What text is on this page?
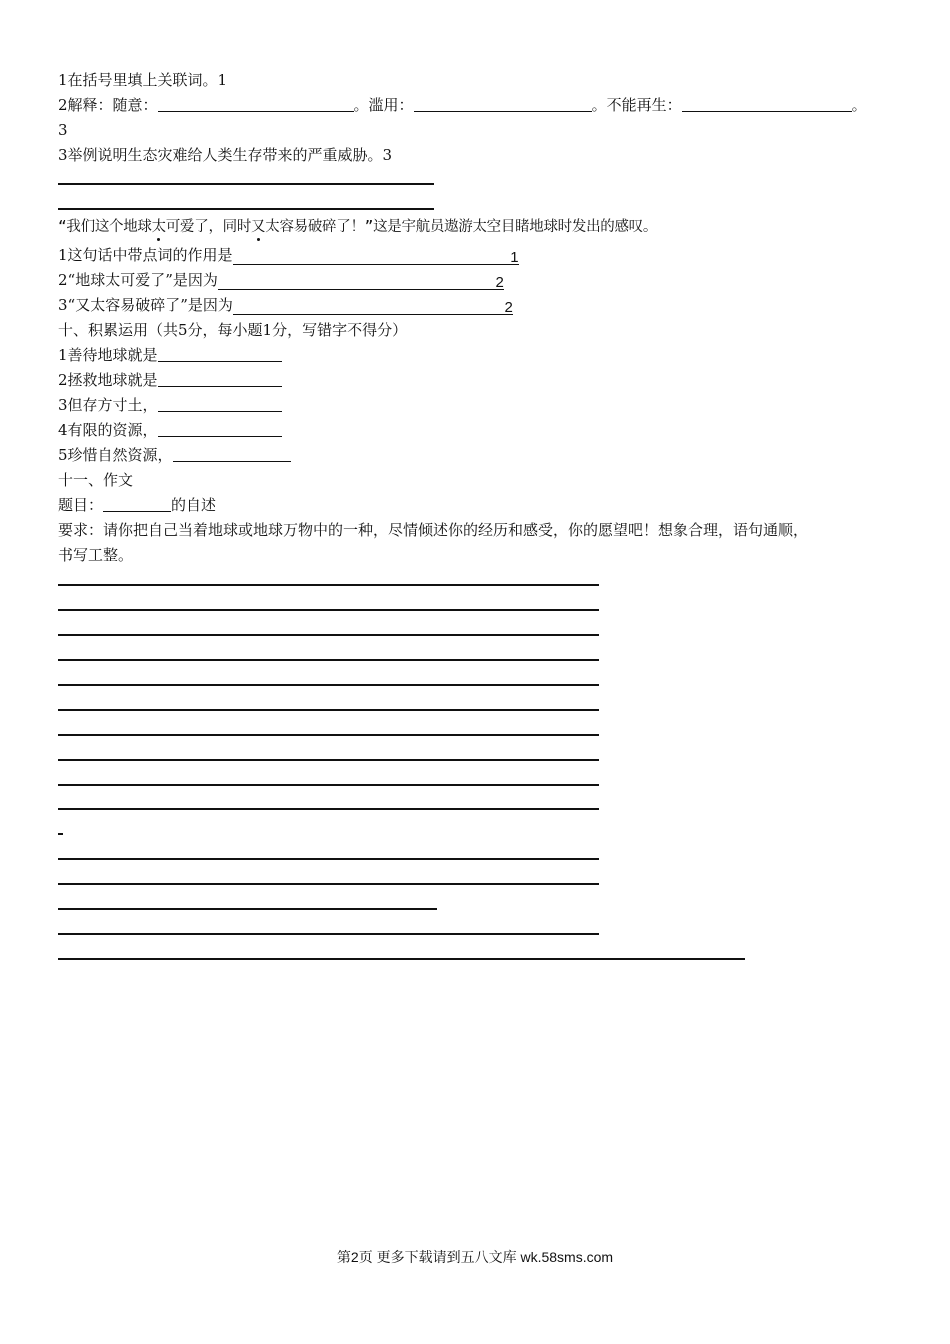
1在括号里填上关联词。1
2解释：随意：	。滥用：	。不能再生：	。
3
3举例说明生态灾难给人类生存带来的严重威胁。3
“我们这个地球太
可爱了，同时又
太容易破碎了！”这是宇航员遨游太空目睹地球时发出的感叹。
1这句话中带点词的作用是	1
2“地球太可爱了”是因为	2
3“又太容易破碎了”是因为	2
十、积累运用（共5分，每小题1分，写错字不得分）
1善待地球就是
2拯救地球就是
3但存方寸土，
4有限的资源，
5珍惜自然资源，
十一、作文
题目：	的自述
要求：请你把自己当着地球或地球万物中的一种，尽情倾述你的经历和感受，你的愿望吧！想象合理，语句通顺，
书写工整。
第2页 更多下载请到五八文库 wk.58sms.com
